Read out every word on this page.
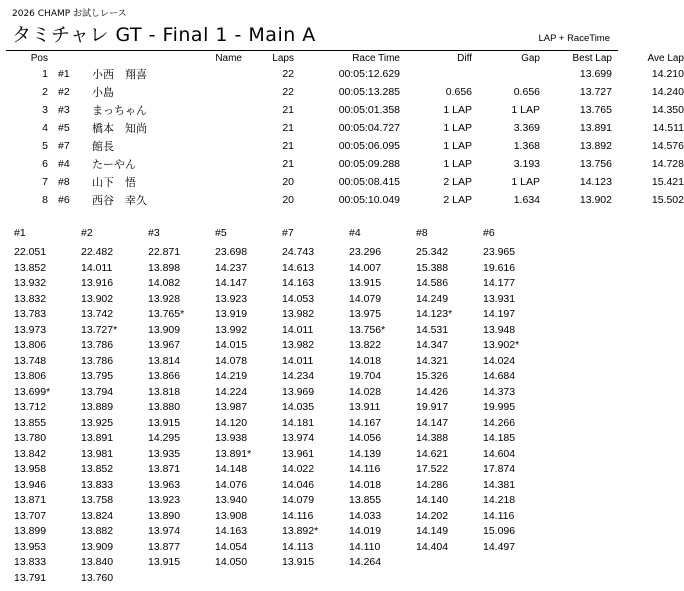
2026 CHAMP お試しレース
タミチャレ GT - Final 1 - Main A	LAP + RaceTime
Pos		Name	Laps	Race Time	Diff	Gap	Best Lap	Ave Lap
1	#1	小西　翔喜	22	00:05:12.629			13.699	14.210
2	#2	小島	22	00:05:13.285	0.656	0.656	13.727	14.240
3	#3	まっちゃん	21	00:05:01.358	1 LAP	1 LAP	13.765	14.350
4	#5	橋本　知尚	21	00:05:04.727	1 LAP	3.369	13.891	14.511
5	#7	館長	21	00:05:06.095	1 LAP	1.368	13.892	14.576
6	#4	たーやん	21	00:05:09.288	1 LAP	3.193	13.756	14.728
7	#8	山下　悟	20	00:05:08.415	2 LAP	1 LAP	14.123	15.421
8	#6	西谷　幸久	20	00:05:10.049	2 LAP	1.634	13.902	15.502
#1	#2	#3	#5	#7	#4	#8	#6
22.051	22.482	22.871	23.698	24.743	23.296	25.342	23.965
13.852	14.011	13.898	14.237	14.613	14.007	15.388	19.616
13.932	13.916	14.082	14.147	14.163	13.915	14.586	14.177
13.832	13.902	13.928	13.923	14.053	14.079	14.249	13.931
13.783	13.742	13.765*	13.919	13.982	13.975	14.123*	14.197
13.973	13.727*	13.909	13.992	14.011	13.756*	14.531	13.948
13.806	13.786	13.967	14.015	13.982	13.822	14.347	13.902*
13.748	13.786	13.814	14.078	14.011	14.018	14.321	14.024
13.806	13.795	13.866	14.219	14.234	19.704	15.326	14.684
13.699*	13.794	13.818	14.224	13.969	14.028	14.426	14.373
13.712	13.889	13.880	13.987	14.035	13.911	19.917	19.995
13.855	13.925	13.915	14.120	14.181	14.167	14.147	14.266
13.780	13.891	14.295	13.938	13.974	14.056	14.388	14.185
13.842	13.981	13.935	13.891*	13.961	14.139	14.621	14.604
13.958	13.852	13.871	14.148	14.022	14.116	17.522	17.874
13.946	13.833	13.963	14.076	14.046	14.018	14.286	14.381
13.871	13.758	13.923	13.940	14.079	13.855	14.140	14.218
13.707	13.824	13.890	13.908	14.116	14.033	14.202	14.116
13.899	13.882	13.974	14.163	13.892*	14.019	14.149	15.096
13.953	13.909	13.877	14.054	14.113	14.110	14.404	14.497
13.833	13.840	13.915	14.050	13.915	14.264		
13.791	13.760						
